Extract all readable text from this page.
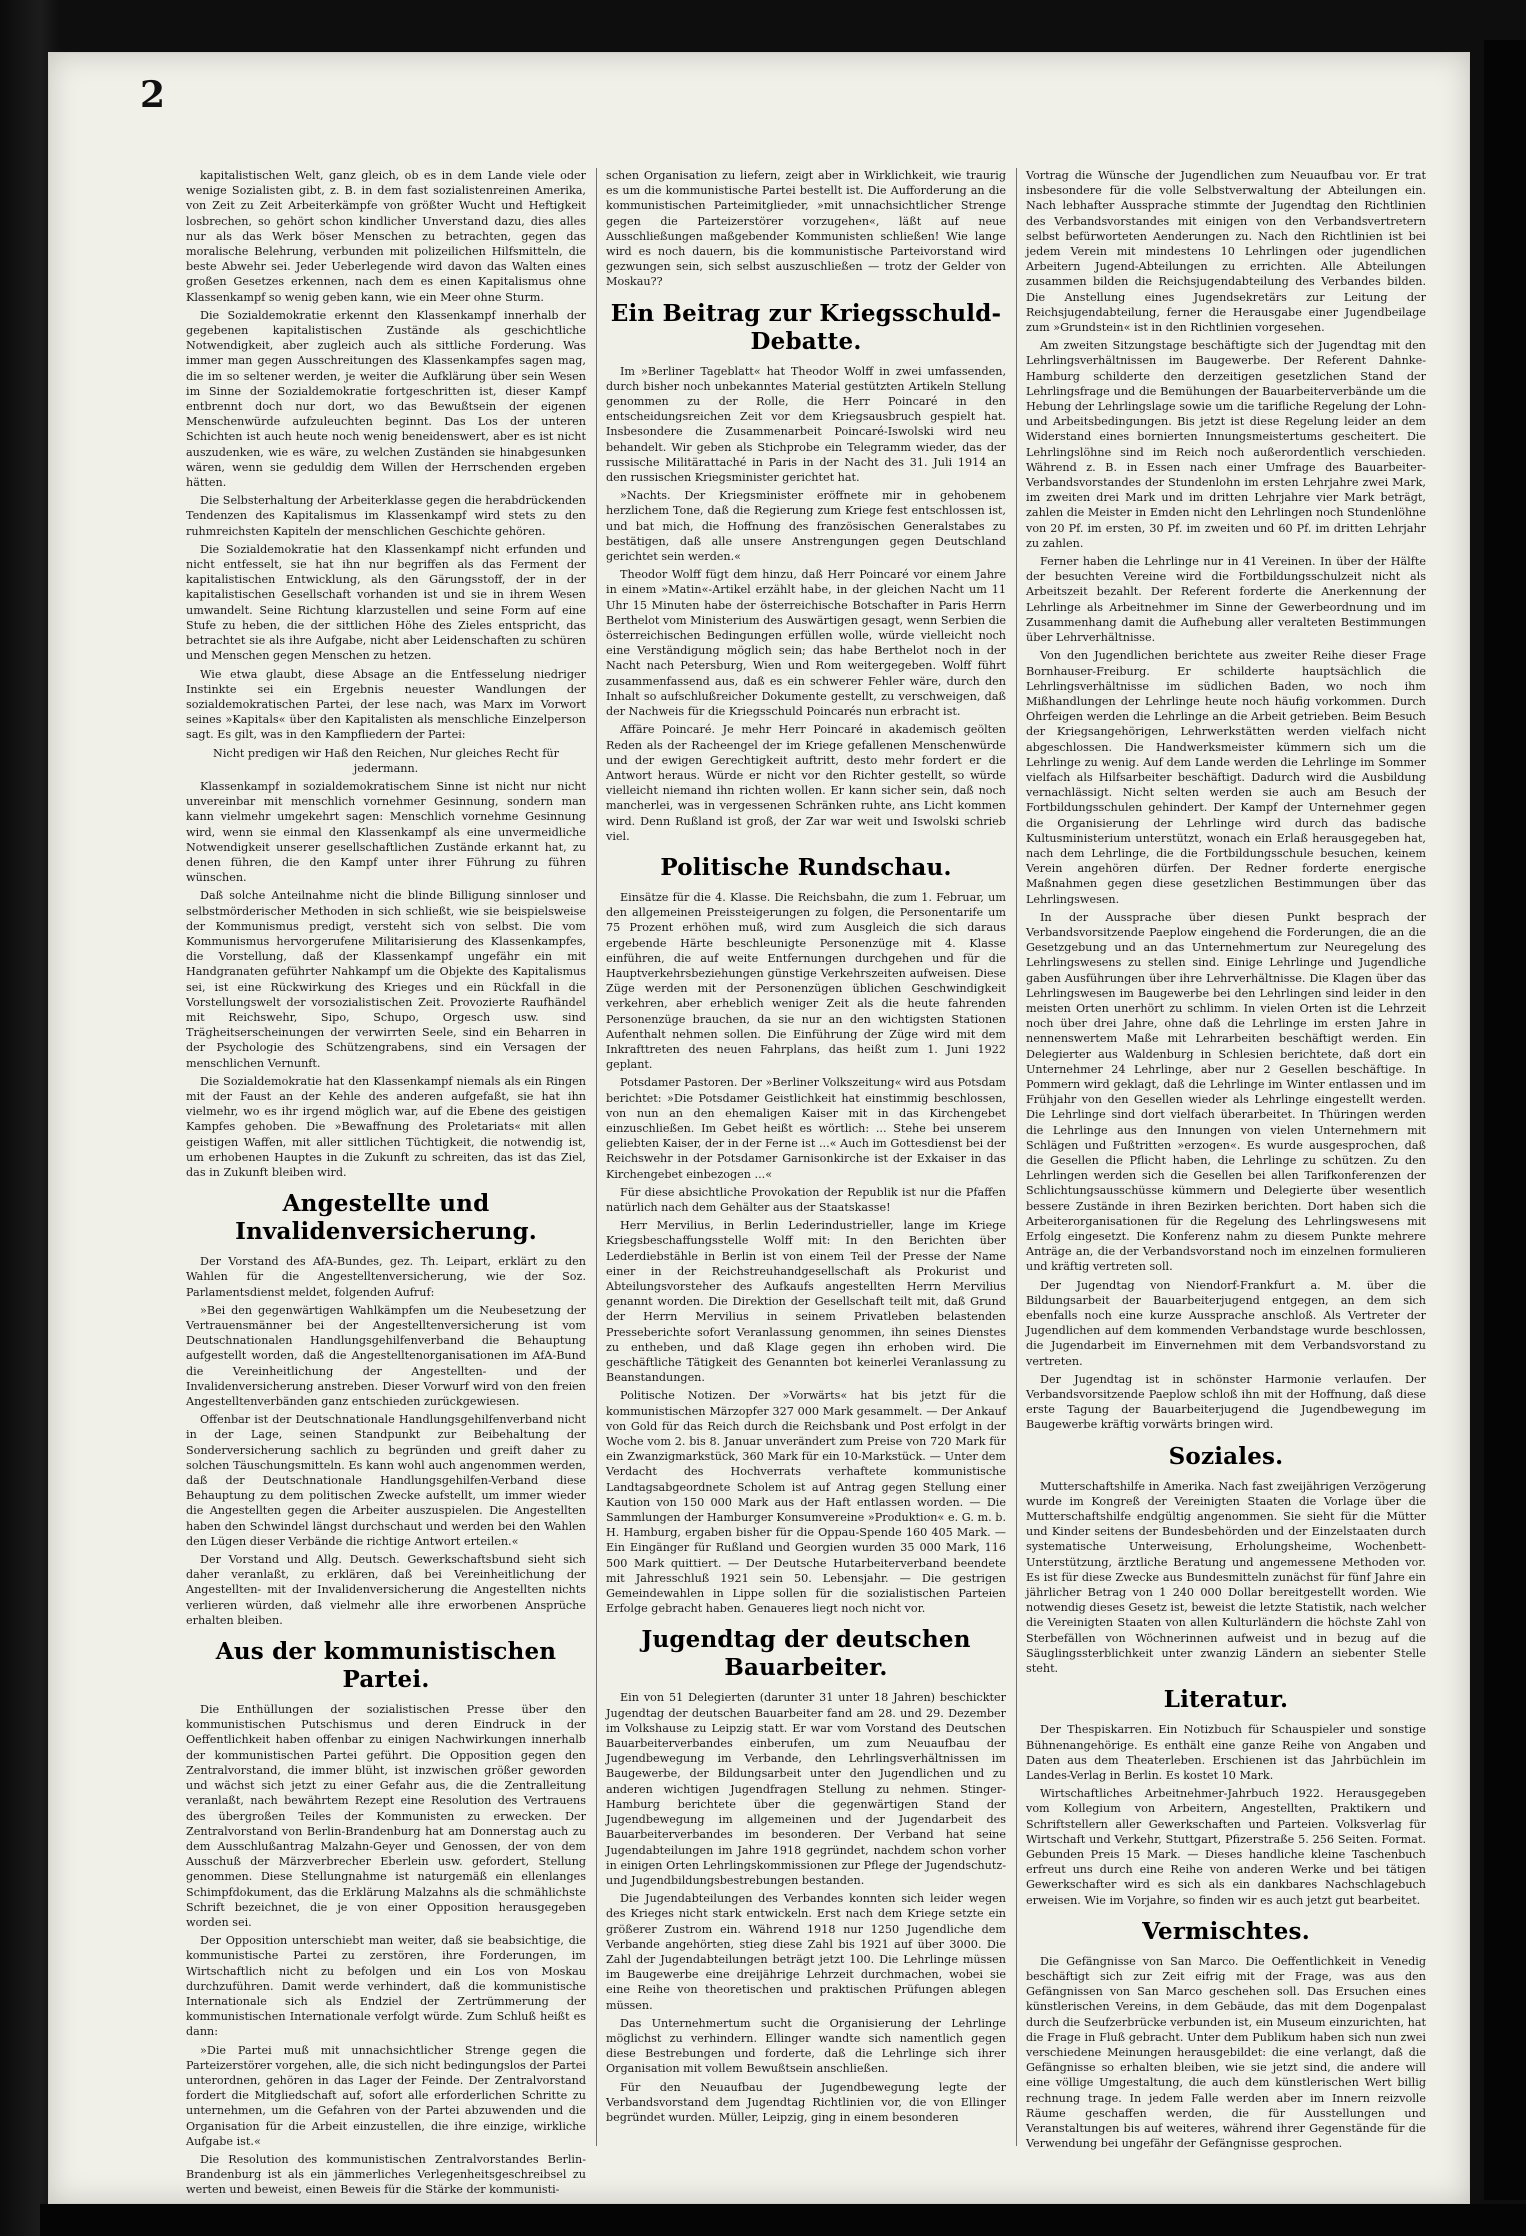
2

kapitalistischen Welt, ganz gleich, ob es in dem Lande viele oder wenige Sozialisten gibt, z. B. in dem fast sozialistenreinen Amerika, von Zeit zu Zeit Arbeiterkämpfe von größter Wucht und Heftigkeit losbrechen, so gehört schon kindlicher Unverstand dazu, dies alles nur als das Werk böser Menschen zu betrachten, gegen das moralische Belehrung, verbunden mit polizeilichen Hilfsmitteln, die beste Abwehr sei. Jeder Ueberlegende wird davon das Walten eines großen Gesetzes erkennen, nach dem es einen Kapitalismus ohne Klassenkampf so wenig geben kann, wie ein Meer ohne Sturm.

Die Sozialdemokratie erkennt den Klassenkampf innerhalb der gegebenen kapitalistischen Zustände als geschichtliche Notwendigkeit, aber zugleich auch als sittliche Forderung. Was immer man gegen Ausschreitungen des Klassenkampfes sagen mag, die im so seltener werden, je weiter die Aufklärung über sein Wesen im Sinne der Sozialdemokratie fortgeschritten ist, dieser Kampf entbrennt doch nur dort, wo das Bewußtsein der eigenen Menschenwürde aufzuleuchten beginnt. Das Los der unteren Schichten ist auch heute noch wenig beneidenswert, aber es ist nicht auszudenken, wie es wäre, zu welchen Zuständen sie hinabgesunken wären, wenn sie geduldig dem Willen der Herrschenden ergeben hätten.

Die Selbsterhaltung der Arbeiterklasse gegen die herabdrückenden Tendenzen des Kapitalismus im Klassenkampf wird stets zu den ruhmreichsten Kapiteln der menschlichen Geschichte gehören.

Die Sozialdemokratie hat den Klassenkampf nicht erfunden und nicht entfesselt, sie hat ihn nur begriffen als das Ferment der kapitalistischen Entwicklung, als den Gärungsstoff, der in der kapitalistischen Gesellschaft vorhanden ist und sie in ihrem Wesen umwandelt. Seine Richtung klarzustellen und seine Form auf eine Stufe zu heben, die der sittlichen Höhe des Zieles entspricht, das betrachtet sie als ihre Aufgabe, nicht aber Leidenschaften zu schüren und Menschen gegen Menschen zu hetzen.

Wie etwa glaubt, diese Absage an die Entfesselung niedriger Instinkte sei ein Ergebnis neuester Wandlungen der sozialdemokratischen Partei, der lese nach, was Marx im Vorwort seines »Kapitals« über den Kapitalisten als menschliche Einzelperson sagt. Es gilt, was in den Kampfliedern der Partei:

Nicht predigen wir Haß den Reichen, Nur gleiches Recht für jedermann.

Klassenkampf in sozialdemokratischem Sinne ist nicht nur nicht unvereinbar mit menschlich vornehmer Gesinnung, sondern man kann vielmehr umgekehrt sagen: Menschlich vornehme Gesinnung wird, wenn sie einmal den Klassenkampf als eine unvermeidliche Notwendigkeit unserer gesellschaftlichen Zustände erkannt hat, zu denen führen, die den Kampf unter ihrer Führung zu führen wünschen.

Daß solche Anteilnahme nicht die blinde Billigung sinnloser und selbstmörderischer Methoden in sich schließt, wie sie beispielsweise der Kommunismus predigt, versteht sich von selbst. Die vom Kommunismus hervorgerufene Militarisierung des Klassenkampfes, die Vorstellung, daß der Klassenkampf ungefähr ein mit Handgranaten geführter Nahkampf um die Objekte des Kapitalismus sei, ist eine Rückwirkung des Krieges und ein Rückfall in die Vorstellungswelt der vorsozialistischen Zeit. Provozierte Raufhändel mit Reichswehr, Sipo, Schupo, Orgesch usw. sind Trägheitserscheinungen der verwirrten Seele, sind ein Beharren in der Psychologie des Schützengrabens, sind ein Versagen der menschlichen Vernunft.

Die Sozialdemokratie hat den Klassenkampf niemals als ein Ringen mit der Faust an der Kehle des anderen aufgefaßt, sie hat ihn vielmehr, wo es ihr irgend möglich war, auf die Ebene des geistigen Kampfes gehoben. Die »Bewaffnung des Proletariats« mit allen geistigen Waffen, mit aller sittlichen Tüchtigkeit, die notwendig ist, um erhobenen Hauptes in die Zukunft zu schreiten, das ist das Ziel, das in Zukunft bleiben wird.

Angestellte und Invalidenversicherung.

Der Vorstand des AfA-Bundes, gez. Th. Leipart, erklärt zu den Wahlen für die Angestelltenversicherung, wie der Soz. Parlamentsdienst meldet, folgenden Aufruf:

»Bei den gegenwärtigen Wahlkämpfen um die Neubesetzung der Vertrauensmänner bei der Angestelltenversicherung ist vom Deutschnationalen Handlungsgehilfenverband die Behauptung aufgestellt worden, daß die Angestelltenorganisationen im AfA-Bund die Vereinheitlichung der Angestellten- und der Invalidenversicherung anstreben. Dieser Vorwurf wird von den freien Angestelltenverbänden ganz entschieden zurückgewiesen.

Offenbar ist der Deutschnationale Handlungsgehilfenverband nicht in der Lage, seinen Standpunkt zur Beibehaltung der Sonderversicherung sachlich zu begründen und greift daher zu solchen Täuschungsmitteln. Es kann wohl auch angenommen werden, daß der Deutschnationale Handlungsgehilfen-Verband diese Behauptung zu dem politischen Zwecke aufstellt, um immer wieder die Angestellten gegen die Arbeiter auszuspielen. Die Angestellten haben den Schwindel längst durchschaut und werden bei den Wahlen den Lügen dieser Verbände die richtige Antwort erteilen.«

Der Vorstand und Allg. Deutsch. Gewerkschaftsbund sieht sich daher veranlaßt, zu erklären, daß bei Vereinheitlichung der Angestellten- mit der Invalidenversicherung die Angestellten nichts verlieren würden, daß vielmehr alle ihre erworbenen Ansprüche erhalten bleiben.

Aus der kommunistischen Partei.

Die Enthüllungen der sozialistischen Presse über den kommunistischen Putschismus und deren Eindruck in der Oeffentlichkeit haben offenbar zu einigen Nachwirkungen innerhalb der kommunistischen Partei geführt. Die Opposition gegen den Zentralvorstand, die immer blüht, ist inzwischen größer geworden und wächst sich jetzt zu einer Gefahr aus, die die Zentralleitung veranlaßt, nach bewährtem Rezept eine Resolution des Vertrauens des übergroßen Teiles der Kommunisten zu erwecken. Der Zentralvorstand von Berlin-Brandenburg hat am Donnerstag auch zu dem Ausschlußantrag Malzahn-Geyer und Genossen, der von dem Ausschuß der Märzverbrecher Eberlein usw. gefordert, Stellung genommen. Diese Stellungnahme ist naturgemäß ein ellenlanges Schimpfdokument, das die Erklärung Malzahns als die schmählichste Schrift bezeichnet, die je von einer Opposition herausgegeben worden sei.

Der Opposition unterschiebt man weiter, daß sie beabsichtige, die kommunistische Partei zu zerstören, ihre Forderungen, im Wirtschaftlich nicht zu befolgen und ein Los von Moskau durchzuführen. Damit werde verhindert, daß die kommunistische Internationale sich als Endziel der Zertrümmerung der kommunistischen Internationale verfolgt würde. Zum Schluß heißt es dann:

»Die Partei muß mit unnachsichtlicher Strenge gegen die Parteizerstörer vorgehen, alle, die sich nicht bedingungslos der Partei unterordnen, gehören in das Lager der Feinde. Der Zentralvorstand fordert die Mitgliedschaft auf, sofort alle erforderlichen Schritte zu unternehmen, um die Gefahren von der Partei abzuwenden und die Organisation für die Arbeit einzustellen, die ihre einzige, wirkliche Aufgabe ist.«

Die Resolution des kommunistischen Zentralvorstandes Berlin-Brandenburg ist als ein jämmerliches Verlegenheitsgeschreibsel zu werten und beweist, einen Beweis für die Stärke der kommunisti-

schen Organisation zu liefern, zeigt aber in Wirklichkeit, wie traurig es um die kommunistische Partei bestellt ist. Die Aufforderung an die kommunistischen Parteimitglieder, »mit unnachsichtlicher Strenge gegen die Parteizerstörer vorzugehen«, läßt auf neue Ausschließungen maßgebender Kommunisten schließen! Wie lange wird es noch dauern, bis die kommunistische Parteivorstand wird gezwungen sein, sich selbst auszuschließen — trotz der Gelder von Moskau??

Ein Beitrag zur Kriegsschuld-Debatte.

Im »Berliner Tageblatt« hat Theodor Wolff in zwei umfassenden, durch bisher noch unbekanntes Material gestützten Artikeln Stellung genommen zu der Rolle, die Herr Poincaré in den entscheidungsreichen Zeit vor dem Kriegsausbruch gespielt hat. Insbesondere die Zusammenarbeit Poincaré-Iswolski wird neu behandelt. Wir geben als Stichprobe ein Telegramm wieder, das der russische Militärattaché in Paris in der Nacht des 31. Juli 1914 an den russischen Kriegsminister gerichtet hat.

»Nachts. Der Kriegsminister eröffnete mir in gehobenem herzlichem Tone, daß die Regierung zum Kriege fest entschlossen ist, und bat mich, die Hoffnung des französischen Generalstabes zu bestätigen, daß alle unsere Anstrengungen gegen Deutschland gerichtet sein werden.«

Theodor Wolff fügt dem hinzu, daß Herr Poincaré vor einem Jahre in einem »Matin«-Artikel erzählt habe, in der gleichen Nacht um 11 Uhr 15 Minuten habe der österreichische Botschafter in Paris Herrn Berthelot vom Ministerium des Auswärtigen gesagt, wenn Serbien die österreichischen Bedingungen erfüllen wolle, würde vielleicht noch eine Verständigung möglich sein; das habe Berthelot noch in der Nacht nach Petersburg, Wien und Rom weitergegeben. Wolff führt zusammenfassend aus, daß es ein schwerer Fehler wäre, durch den Inhalt so aufschlußreicher Dokumente gestellt, zu verschweigen, daß der Nachweis für die Kriegsschuld Poincarés nun erbracht ist.

Affäre Poincaré. Je mehr Herr Poincaré in akademisch geölten Reden als der Racheengel der im Kriege gefallenen Menschenwürde und der ewigen Gerechtigkeit auftritt, desto mehr fordert er die Antwort heraus. Würde er nicht vor den Richter gestellt, so würde vielleicht niemand ihn richten wollen. Er kann sicher sein, daß noch mancherlei, was in vergessenen Schränken ruhte, ans Licht kommen wird. Denn Rußland ist groß, der Zar war weit und Iswolski schrieb viel.

Politische Rundschau.

Einsätze für die 4. Klasse. Die Reichsbahn, die zum 1. Februar, um den allgemeinen Preissteigerungen zu folgen, die Personentarife um 75 Prozent erhöhen muß, wird zum Ausgleich die sich daraus ergebende Härte beschleunigte Personenzüge mit 4. Klasse einführen, die auf weite Entfernungen durchgehen und für die Hauptverkehrsbeziehungen günstige Verkehrszeiten aufweisen. Diese Züge werden mit der Personenzügen üblichen Geschwindigkeit verkehren, aber erheblich weniger Zeit als die heute fahrenden Personenzüge brauchen, da sie nur an den wichtigsten Stationen Aufenthalt nehmen sollen. Die Einführung der Züge wird mit dem Inkrafttreten des neuen Fahrplans, das heißt zum 1. Juni 1922 geplant.

Potsdamer Pastoren. Der »Berliner Volkszeitung« wird aus Potsdam berichtet: »Die Potsdamer Geistlichkeit hat einstimmig beschlossen, von nun an den ehemaligen Kaiser mit in das Kirchengebet einzuschließen. Im Gebet heißt es wörtlich: ... Stehe bei unserem geliebten Kaiser, der in der Ferne ist ...« Auch im Gottesdienst bei der Reichswehr in der Potsdamer Garnisonkirche ist der Exkaiser in das Kirchengebet einbezogen ...«

Für diese absichtliche Provokation der Republik ist nur die Pfaffen natürlich nach dem Gehälter aus der Staatskasse!

Herr Mervilius, in Berlin Lederindustrieller, lange im Kriege Kriegsbeschaffungsstelle Wolff mit: In den Berichten über Lederdiebstähle in Berlin ist von einem Teil der Presse der Name einer in der Reichstreuhandgesellschaft als Prokurist und Abteilungsvorsteher des Aufkaufs angestellten Herrn Mervilius genannt worden. Die Direktion der Gesellschaft teilt mit, daß Grund der Herrn Mervilius in seinem Privatleben belastenden Presseberichte sofort Veranlassung genommen, ihn seines Dienstes zu entheben, und daß Klage gegen ihn erhoben wird. Die geschäftliche Tätigkeit des Genannten bot keinerlei Veranlassung zu Beanstandungen.

Politische Notizen. Der »Vorwärts« hat bis jetzt für die kommunistischen Märzopfer 327 000 Mark gesammelt. — Der Ankauf von Gold für das Reich durch die Reichsbank und Post erfolgt in der Woche vom 2. bis 8. Januar unverändert zum Preise von 720 Mark für ein Zwanzigmarkstück, 360 Mark für ein 10-Markstück. — Unter dem Verdacht des Hochverrats verhaftete kommunistische Landtagsabgeordnete Scholem ist auf Antrag gegen Stellung einer Kaution von 150 000 Mark aus der Haft entlassen worden. — Die Sammlungen der Hamburger Konsumvereine »Produktion« e. G. m. b. H. Hamburg, ergaben bisher für die Oppau-Spende 160 405 Mark. — Ein Eingänger für Rußland und Georgien wurden 35 000 Mark, 116 500 Mark quittiert. — Der Deutsche Hutarbeiterverband beendete mit Jahresschluß 1921 sein 50. Lebensjahr. — Die gestrigen Gemeindewahlen in Lippe sollen für die sozialistischen Parteien Erfolge gebracht haben. Genaueres liegt noch nicht vor.

Jugendtag der deutschen Bauarbeiter.

Ein von 51 Delegierten (darunter 31 unter 18 Jahren) beschickter Jugendtag der deutschen Bauarbeiter fand am 28. und 29. Dezember im Volkshause zu Leipzig statt. Er war vom Vorstand des Deutschen Bauarbeiterverbandes einberufen, um zum Neuaufbau der Jugendbewegung im Verbande, den Lehrlingsverhältnissen im Baugewerbe, der Bildungsarbeit unter den Jugendlichen und zu anderen wichtigen Jugendfragen Stellung zu nehmen. Stinger-Hamburg berichtete über die gegenwärtigen Stand der Jugendbewegung im allgemeinen und der Jugendarbeit des Bauarbeiterverbandes im besonderen. Der Verband hat seine Jugendabteilungen im Jahre 1918 gegründet, nachdem schon vorher in einigen Orten Lehrlingskommissionen zur Pflege der Jugendschutz- und Jugendbildungsbestrebungen bestanden.

Die Jugendabteilungen des Verbandes konnten sich leider wegen des Krieges nicht stark entwickeln. Erst nach dem Kriege setzte ein größerer Zustrom ein. Während 1918 nur 1250 Jugendliche dem Verbande angehörten, stieg diese Zahl bis 1921 auf über 3000. Die Zahl der Jugendabteilungen beträgt jetzt 100. Die Lehrlinge müssen im Baugewerbe eine dreijährige Lehrzeit durchmachen, wobei sie eine Reihe von theoretischen und praktischen Prüfungen ablegen müssen.

Das Unternehmertum sucht die Organisierung der Lehrlinge möglichst zu verhindern. Ellinger wandte sich namentlich gegen diese Bestrebungen und forderte, daß die Lehrlinge sich ihrer Organisation mit vollem Bewußtsein anschließen.

Für den Neuaufbau der Jugendbewegung legte der Verbandsvorstand dem Jugendtag Richtlinien vor, die von Ellinger begründet wurden. Müller, Leipzig, ging in einem besonderen

Vortrag die Wünsche der Jugendlichen zum Neuaufbau vor. Er trat insbesondere für die volle Selbstverwaltung der Abteilungen ein. Nach lebhafter Aussprache stimmte der Jugendtag den Richtlinien des Verbandsvorstandes mit einigen von den Verbandsvertretern selbst befürworteten Aenderungen zu. Nach den Richtlinien ist bei jedem Verein mit mindestens 10 Lehrlingen oder jugendlichen Arbeitern Jugend-Abteilungen zu errichten. Alle Abteilungen zusammen bilden die Reichsjugendabteilung des Verbandes bilden. Die Anstellung eines Jugendsekretärs zur Leitung der Reichsjugendabteilung, ferner die Herausgabe einer Jugendbeilage zum »Grundstein« ist in den Richtlinien vorgesehen.

Am zweiten Sitzungstage beschäftigte sich der Jugendtag mit den Lehrlingsverhältnissen im Baugewerbe. Der Referent Dahnke-Hamburg schilderte den derzeitigen gesetzlichen Stand der Lehrlingsfrage und die Bemühungen der Bauarbeiterverbände um die Hebung der Lehrlingslage sowie um die tarifliche Regelung der Lohn- und Arbeitsbedingungen. Bis jetzt ist diese Regelung leider an dem Widerstand eines bornierten Innungsmeistertums gescheitert. Die Lehrlingslöhne sind im Reich noch außerordentlich verschieden. Während z. B. in Essen nach einer Umfrage des Bauarbeiter-Verbandsvorstandes der Stundenlohn im ersten Lehrjahre zwei Mark, im zweiten drei Mark und im dritten Lehrjahre vier Mark beträgt, zahlen die Meister in Emden nicht den Lehrlingen noch Stundenlöhne von 20 Pf. im ersten, 30 Pf. im zweiten und 60 Pf. im dritten Lehrjahr zu zahlen.

Ferner haben die Lehrlinge nur in 41 Vereinen. In über der Hälfte der besuchten Vereine wird die Fortbildungsschulzeit nicht als Arbeitszeit bezahlt. Der Referent forderte die Anerkennung der Lehrlinge als Arbeitnehmer im Sinne der Gewerbeordnung und im Zusammenhang damit die Aufhebung aller veralteten Bestimmungen über Lehrverhältnisse.

Von den Jugendlichen berichtete aus zweiter Reihe dieser Frage Bornhauser-Freiburg. Er schilderte hauptsächlich die Lehrlingsverhältnisse im südlichen Baden, wo noch ihm Mißhandlungen der Lehrlinge heute noch häufig vorkommen. Durch Ohrfeigen werden die Lehrlinge an die Arbeit getrieben. Beim Besuch der Kriegsangehörigen, Lehrwerkstätten werden vielfach nicht abgeschlossen. Die Handwerksmeister kümmern sich um die Lehrlinge zu wenig. Auf dem Lande werden die Lehrlinge im Sommer vielfach als Hilfsarbeiter beschäftigt. Dadurch wird die Ausbildung vernachlässigt. Nicht selten werden sie auch am Besuch der Fortbildungsschulen gehindert. Der Kampf der Unternehmer gegen die Organisierung der Lehrlinge wird durch das badische Kultusministerium unterstützt, wonach ein Erlaß herausgegeben hat, nach dem Lehrlinge, die die Fortbildungsschule besuchen, keinem Verein angehören dürfen. Der Redner forderte energische Maßnahmen gegen diese gesetzlichen Bestimmungen über das Lehrlingswesen.

In der Aussprache über diesen Punkt besprach der Verbandsvorsitzende Paeplow eingehend die Forderungen, die an die Gesetzgebung und an das Unternehmertum zur Neuregelung des Lehrlingswesens zu stellen sind. Einige Lehrlinge und Jugendliche gaben Ausführungen über ihre Lehrverhältnisse. Die Klagen über das Lehrlingswesen im Baugewerbe bei den Lehrlingen sind leider in den meisten Orten unerhört zu schlimm. In vielen Orten ist die Lehrzeit noch über drei Jahre, ohne daß die Lehrlinge im ersten Jahre in nennenswertem Maße mit Lehrarbeiten beschäftigt werden. Ein Delegierter aus Waldenburg in Schlesien berichtete, daß dort ein Unternehmer 24 Lehrlinge, aber nur 2 Gesellen beschäftige. In Pommern wird geklagt, daß die Lehrlinge im Winter entlassen und im Frühjahr von den Gesellen wieder als Lehrlinge eingestellt werden. Die Lehrlinge sind dort vielfach überarbeitet. In Thüringen werden die Lehrlinge aus den Innungen von vielen Unternehmern mit Schlägen und Fußtritten »erzogen«. Es wurde ausgesprochen, daß die Gesellen die Pflicht haben, die Lehrlinge zu schützen. Zu den Lehrlingen werden sich die Gesellen bei allen Tarifkonferenzen der Schlichtungsausschüsse kümmern und Delegierte über wesentlich bessere Zustände in ihren Bezirken berichten. Dort haben sich die Arbeiterorganisationen für die Regelung des Lehrlingswesens mit Erfolg eingesetzt. Die Konferenz nahm zu diesem Punkte mehrere Anträge an, die der Verbandsvorstand noch im einzelnen formulieren und kräftig vertreten soll.

Der Jugendtag von Niendorf-Frankfurt a. M. über die Bildungsarbeit der Bauarbeiterjugend entgegen, an dem sich ebenfalls noch eine kurze Aussprache anschloß. Als Vertreter der Jugendlichen auf dem kommenden Verbandstage wurde beschlossen, die Jugendarbeit im Einvernehmen mit dem Verbandsvorstand zu vertreten.

Der Jugendtag ist in schönster Harmonie verlaufen. Der Verbandsvorsitzende Paeplow schloß ihn mit der Hoffnung, daß diese erste Tagung der Bauarbeiterjugend die Jugendbewegung im Baugewerbe kräftig vorwärts bringen wird.

Soziales.

Mutterschaftshilfe in Amerika. Nach fast zweijährigen Verzögerung wurde im Kongreß der Vereinigten Staaten die Vorlage über die Mutterschaftshilfe endgültig angenommen. Sie sieht für die Mütter und Kinder seitens der Bundesbehörden und der Einzelstaaten durch systematische Unterweisung, Erholungsheime, Wochenbett-Unterstützung, ärztliche Beratung und angemessene Methoden vor. Es ist für diese Zwecke aus Bundesmitteln zunächst für fünf Jahre ein jährlicher Betrag von 1 240 000 Dollar bereitgestellt worden. Wie notwendig dieses Gesetz ist, beweist die letzte Statistik, nach welcher die Vereinigten Staaten von allen Kulturländern die höchste Zahl von Sterbefällen von Wöchnerinnen aufweist und in bezug auf die Säuglingssterblichkeit unter zwanzig Ländern an siebenter Stelle steht.

Literatur.

Der Thespiskarren. Ein Notizbuch für Schauspieler und sonstige Bühnenangehörige. Es enthält eine ganze Reihe von Angaben und Daten aus dem Theaterleben. Erschienen ist das Jahrbüchlein im Landes-Verlag in Berlin. Es kostet 10 Mark.

Wirtschaftliches Arbeitnehmer-Jahrbuch 1922. Herausgegeben vom Kollegium von Arbeitern, Angestellten, Praktikern und Schriftstellern aller Gewerkschaften und Parteien. Volksverlag für Wirtschaft und Verkehr, Stuttgart, Pfizerstraße 5. 256 Seiten. Format. Gebunden Preis 15 Mark. — Dieses handliche kleine Taschenbuch erfreut uns durch eine Reihe von anderen Werke und bei tätigen Gewerkschafter wird es sich als ein dankbares Nachschlagebuch erweisen. Wie im Vorjahre, so finden wir es auch jetzt gut bearbeitet.

Vermischtes.

Die Gefängnisse von San Marco. Die Oeffentlichkeit in Venedig beschäftigt sich zur Zeit eifrig mit der Frage, was aus den Gefängnissen von San Marco geschehen soll. Das Ersuchen eines künstlerischen Vereins, in dem Gebäude, das mit dem Dogenpalast durch die Seufzerbrücke verbunden ist, ein Museum einzurichten, hat die Frage in Fluß gebracht. Unter dem Publikum haben sich nun zwei verschiedene Meinungen herausgebildet: die eine verlangt, daß die Gefängnisse so erhalten bleiben, wie sie jetzt sind, die andere will eine völlige Umgestaltung, die auch dem künstlerischen Wert billig rechnung trage. In jedem Falle werden aber im Innern reizvolle Räume geschaffen werden, die für Ausstellungen und Veranstaltungen bis auf weiteres, während ihrer Gegenstände für die Verwendung bei ungefähr der Gefängnisse gesprochen.
